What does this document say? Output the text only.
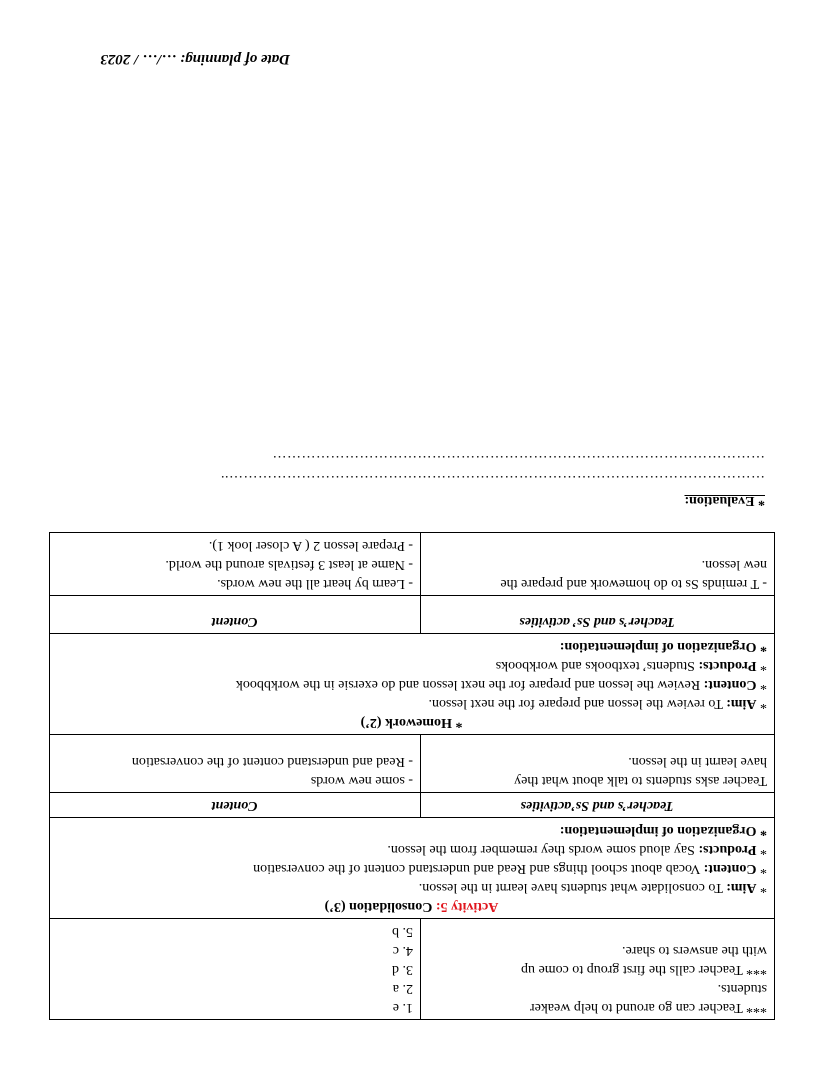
Date of planning: …/… / 2023
*** Teacher can go around to help weaker
students.
*** Teacher calls the first group to come up
with the answers to share.	1. e
2. a
3. d
4. c
5. b

Activity 5: Consolidation (3’)
* Aim: To consolidate what students have learnt in the lesson.
* Content: Vocab about school things and Read and understand content of the conversation
* Products: Say aloud some words they remember from the lesson.
* Organization of implementation:	

Teacher’s and Ss’activities	Content

Teacher asks students to talk about what they
have learnt in the lesson.	- some new words
- Read and understand content of the conversation

* Homework (2’)
* Aim: To review the lesson and prepare for the next lesson.
* Content: Review the lesson and prepare for the next lesson and do exersie in the workbbook
* Products: Students’ textbooks and workbooks
* Organization of implementation:	

Teacher’s and Ss’ activities	Content

- T reminds Ss to do homework and prepare the
new lesson.	- Learn by heart all the new words.
- Name at least 3 festivals around the world.
- Prepare lesson 2 ( A closer look 1).
* Evaluation:
…………………………………………………………………………………………………..
…………………………………………………………………………………………
